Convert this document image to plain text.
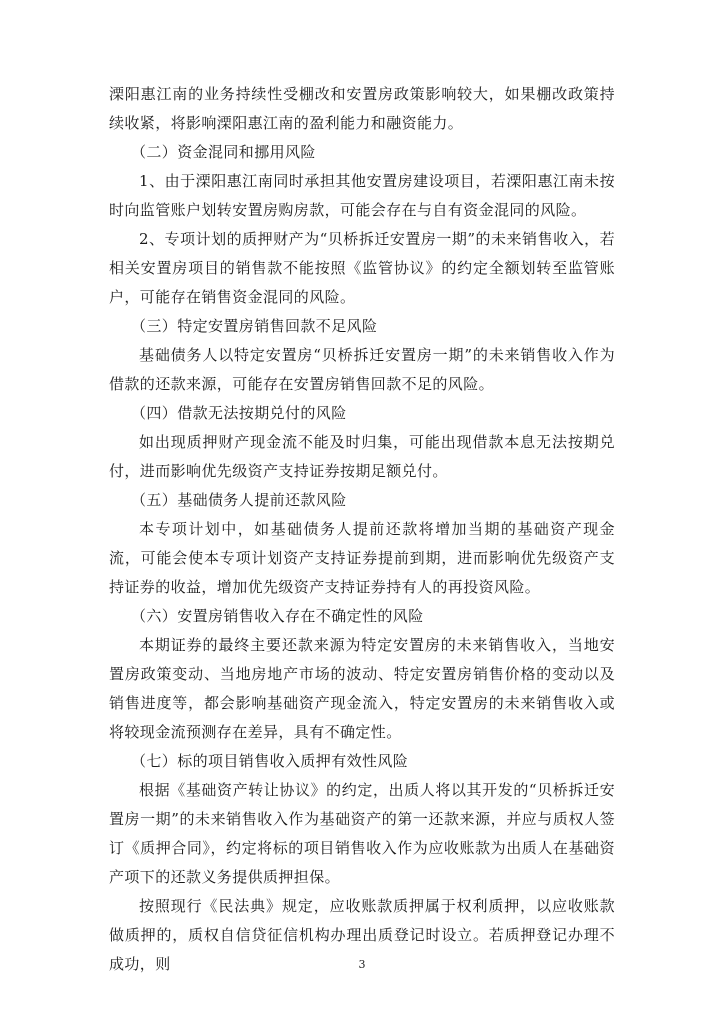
溧阳惠江南的业务持续性受棚改和安置房政策影响较大，如果棚改政策持续收紧，将影响溧阳惠江南的盈利能力和融资能力。

（二）资金混同和挪用风险

1、由于溧阳惠江南同时承担其他安置房建设项目，若溧阳惠江南未按时向监管账户划转安置房购房款，可能会存在与自有资金混同的风险。

2、专项计划的质押财产为“贝桥拆迁安置房一期”的未来销售收入，若相关安置房项目的销售款不能按照《监管协议》的约定全额划转至监管账户，可能存在销售资金混同的风险。

（三）特定安置房销售回款不足风险

基础债务人以特定安置房“贝桥拆迁安置房一期”的未来销售收入作为借款的还款来源，可能存在安置房销售回款不足的风险。

（四）借款无法按期兑付的风险

如出现质押财产现金流不能及时归集，可能出现借款本息无法按期兑付，进而影响优先级资产支持证券按期足额兑付。

（五）基础债务人提前还款风险

本专项计划中，如基础债务人提前还款将增加当期的基础资产现金流，可能会使本专项计划资产支持证券提前到期，进而影响优先级资产支持证券的收益，增加优先级资产支持证券持有人的再投资风险。

（六）安置房销售收入存在不确定性的风险

本期证券的最终主要还款来源为特定安置房的未来销售收入，当地安置房政策变动、当地房地产市场的波动、特定安置房销售价格的变动以及销售进度等，都会影响基础资产现金流入，特定安置房的未来销售收入或将较现金流预测存在差异，具有不确定性。

（七）标的项目销售收入质押有效性风险

根据《基础资产转让协议》的约定，出质人将以其开发的“贝桥拆迁安置房一期”的未来销售收入作为基础资产的第一还款来源，并应与质权人签订《质押合同》，约定将标的项目销售收入作为应收账款为出质人在基础资产项下的还款义务提供质押担保。

按照现行《民法典》规定，应收账款质押属于权利质押，以应收账款做质押的，质权自信贷征信机构办理出质登记时设立。若质押登记办理不成功，则	3
